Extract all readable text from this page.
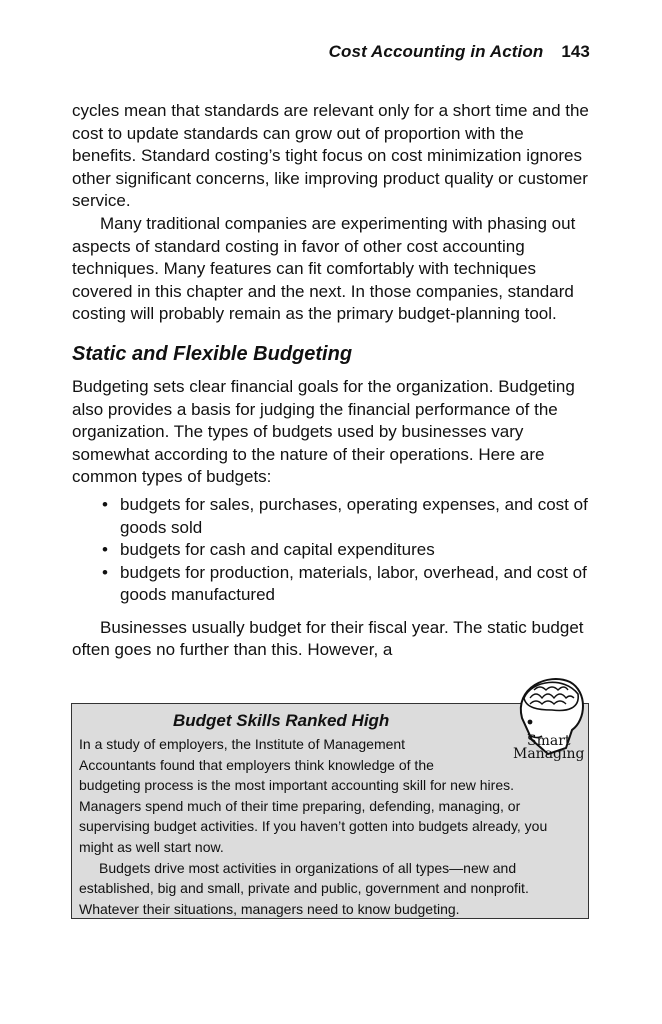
Cost Accounting in Action 143

cycles mean that standards are relevant only for a short time and the cost to update standards can grow out of proportion with the benefits. Standard costing’s tight focus on cost minimization ignores other significant concerns, like improving product quality or customer service.

Many traditional companies are experimenting with phasing out aspects of standard costing in favor of other cost accounting techniques. Many features can fit comfortably with techniques covered in this chapter and the next. In those companies, standard costing will probably remain as the primary budget-planning tool.

Static and Flexible Budgeting

Budgeting sets clear financial goals for the organization. Budgeting also provides a basis for judging the financial performance of the organization. The types of budgets used by businesses vary somewhat according to the nature of their operations. Here are common types of budgets:

• budgets for sales, purchases, operating expenses, and cost of goods sold
• budgets for cash and capital expenditures
• budgets for production, materials, labor, overhead, and cost of goods manufactured

Businesses usually budget for their fiscal year. The static budget often goes no further than this. However, a

Budget Skills Ranked High

In a study of employers, the Institute of Management Accountants found that employers think knowledge of the budgeting process is the most important accounting skill for new hires. Managers spend much of their time preparing, defending, managing, or supervising budget activities. If you haven’t gotten into budgets already, you might as well start now.

Budgets drive most activities in organizations of all types—new and established, big and small, private and public, government and nonprofit. Whatever their situations, managers need to know budgeting.

Smart
Managing
